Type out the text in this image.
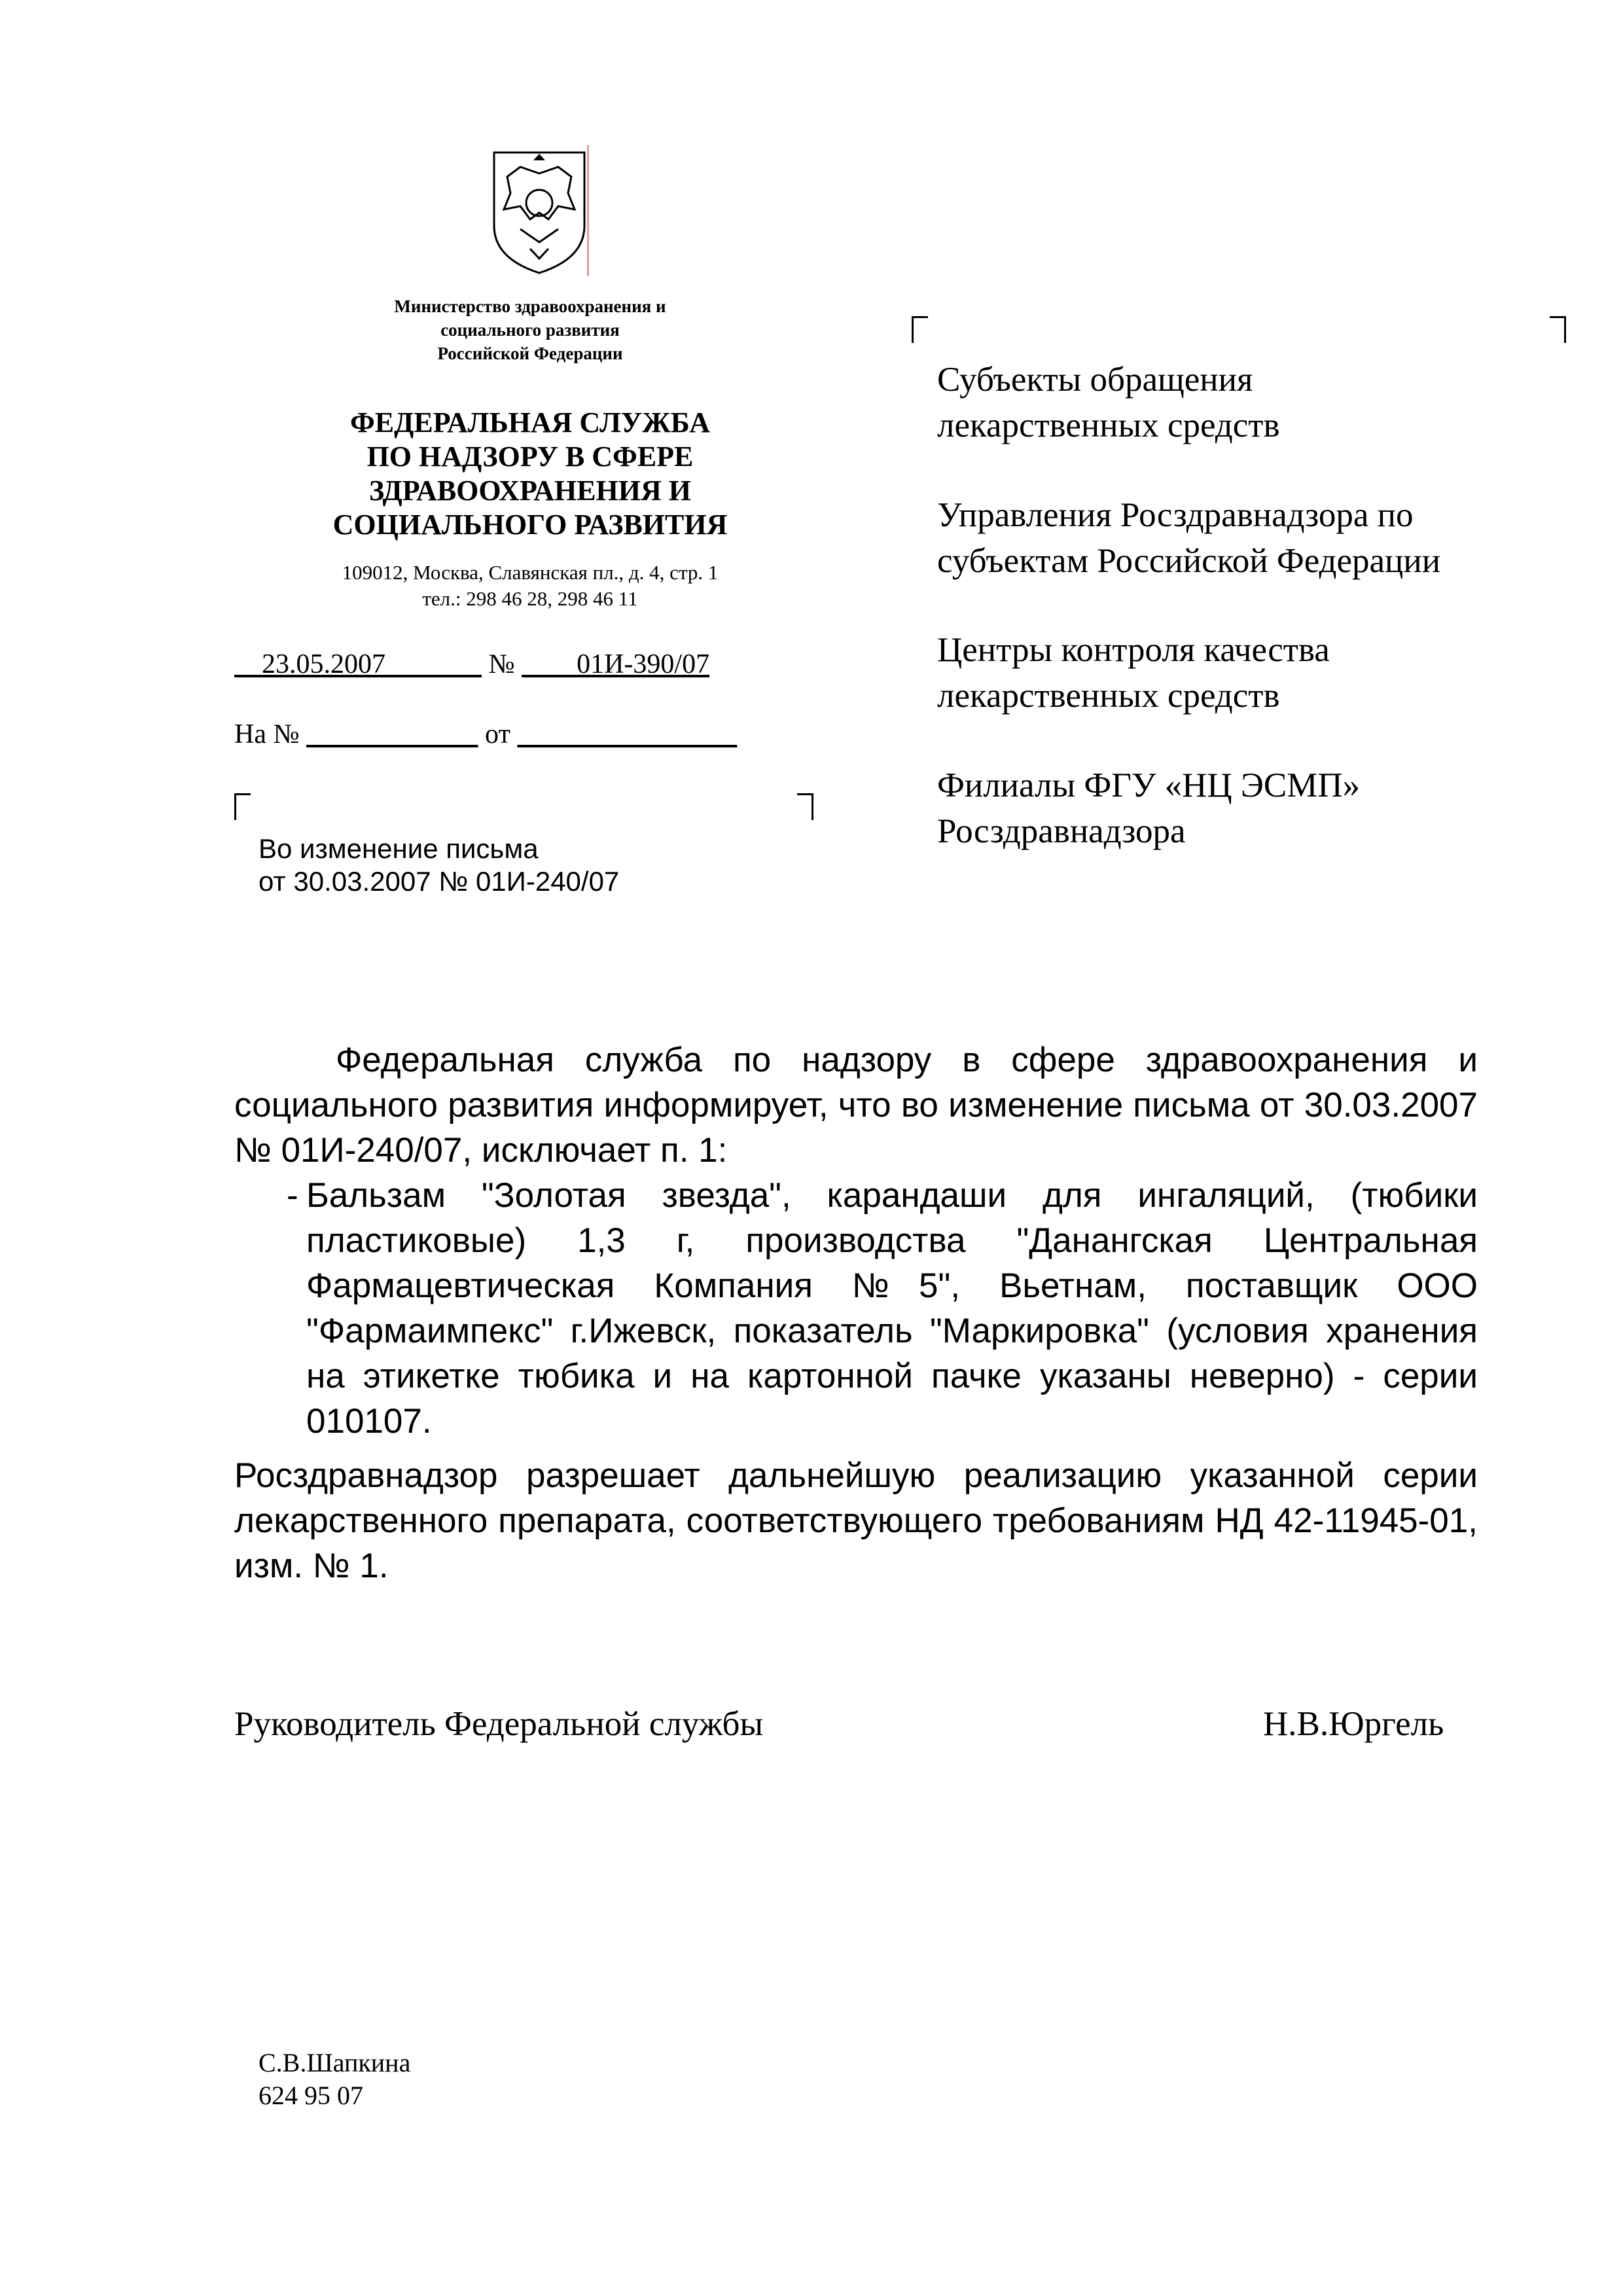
Министерство здравоохранения и
социального развития
Российской Федерации
ФЕДЕРАЛЬНАЯ СЛУЖБА
ПО НАДЗОРУ В СФЕРЕ
ЗДРАВООХРАНЕНИЯ И
СОЦИАЛЬНОГО РАЗВИТИЯ
109012, Москва, Славянская пл., д. 4, стр. 1
тел.: 298 46 28, 298 46 11
23.05.2007	№ 01И-390/07
На №	от
Во изменение письма
от 30.03.2007 № 01И-240/07
Субъекты обращения
лекарственных средств
Управления Росздравнадзора по
субъектам Российской Федерации
Центры контроля качества
лекарственных средств
Филиалы ФГУ «НЦ ЭСМП»
Росздравнадзора
Федеральная служба по надзору в сфере здравоохранения и социального развития информирует, что во изменение письма от 30.03.2007 № 01И-240/07, исключает п. 1:
- Бальзам "Золотая звезда", карандаши для ингаляций, (тюбики пластиковые) 1,3 г, производства "Данангская Центральная Фармацевтическая Компания №5", Вьетнам, поставщик ООО "Фармаимпекс" г.Ижевск, показатель "Маркировка" (условия хранения на этикетке тюбика и на картонной пачке указаны неверно) - серии 010107.
Росздравнадзор разрешает дальнейшую реализацию указанной серии лекарственного препарата, соответствующего требованиям НД 42-11945-01, изм. № 1.
Руководитель Федеральной службы	Н.В.Юргель
С.В.Шапкина
624 95 07
